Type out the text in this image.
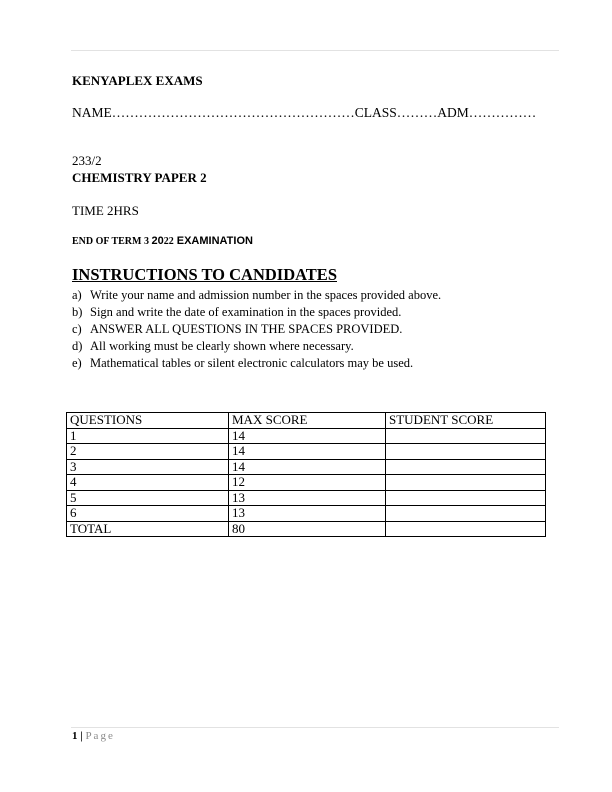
KENYAPLEX EXAMS
NAME………………………………………………CLASS………ADM……………
233/2
CHEMISTRY PAPER 2
TIME 2HRS
END OF TERM 3 2022 EXAMINATION
INSTRUCTIONS TO CANDIDATES
a) Write your name and admission number in the spaces provided above.
b) Sign and write the date of examination in the spaces provided.
c) ANSWER ALL QUESTIONS IN THE SPACES PROVIDED.
d) All working must be clearly shown where necessary.
e) Mathematical tables or silent electronic calculators may be used.
QUESTIONS	MAX SCORE	STUDENT SCORE
1	14	
2	14	
3	14	
4	12	
5	13	
6	13	
TOTAL	80	
1 | Page
